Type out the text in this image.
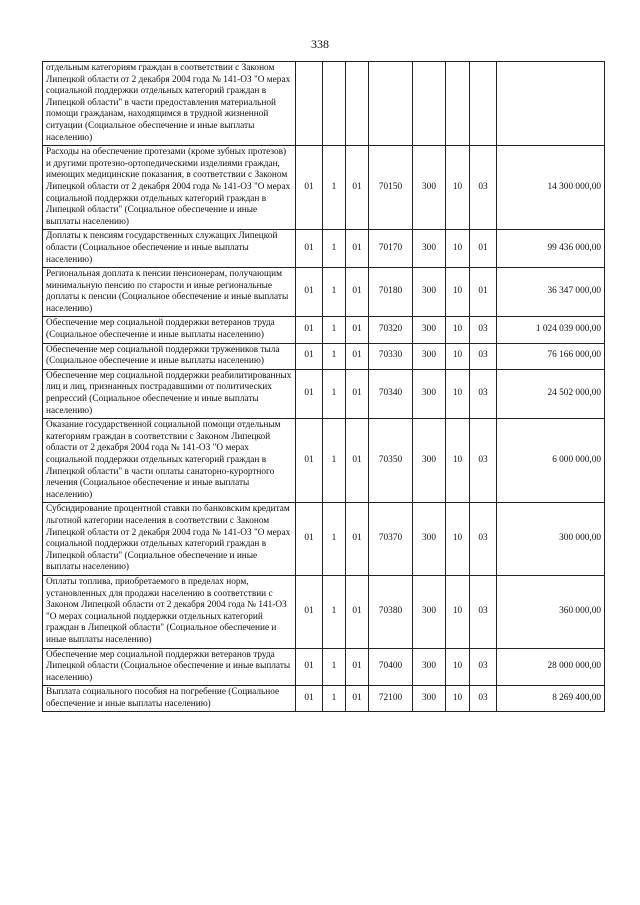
338
отдельным категориям граждан в соответствии с Законом Липецкой области от 2 декабря 2004 года № 141-ОЗ "О мерах социальной поддержки отдельных категорий граждан в Липецкой области" в части предоставления материальной помощи гражданам, находящимся в трудной жизненной ситуации (Социальное обеспечение и иные выплаты населению)								
Расходы на обеспечение протезами (кроме зубных протезов) и другими протезно-ортопедическими изделиями граждан, имеющих медицинские показания, в соответствии с Законом Липецкой области от 2 декабря 2004 года № 141-ОЗ "О мерах социальной поддержки отдельных категорий граждан в Липецкой области" (Социальное обеспечение и иные выплаты населению)	01	1	01	70150	300	10	03	14 300 000,00
Доплаты к пенсиям государственных служащих Липецкой области (Социальное обеспечение и иные выплаты населению)	01	1	01	70170	300	10	01	99 436 000,00
Региональная доплата к пенсии пенсионерам, получающим минимальную пенсию по старости и иные региональные доплаты к пенсии (Социальное обеспечение и иные выплаты населению)	01	1	01	70180	300	10	01	36 347 000,00
Обеспечение мер социальной поддержки ветеранов труда (Социальное обеспечение и иные выплаты населению)	01	1	01	70320	300	10	03	1 024 039 000,00
Обеспечение мер социальной поддержки тружеников тыла (Социальное обеспечение и иные выплаты населению)	01	1	01	70330	300	10	03	76 166 000,00
Обеспечение мер социальной поддержки реабилитированных лиц и лиц, признанных пострадавшими от политических репрессий (Социальное обеспечение и иные выплаты населению)	01	1	01	70340	300	10	03	24 502 000,00
Оказание государственной социальной помощи отдельным категориям граждан в соответствии с Законом Липецкой области от 2 декабря 2004 года № 141-ОЗ "О мерах социальной поддержки отдельных категорий граждан в Липецкой области" в части оплаты санаторно-курортного лечения (Социальное обеспечение и иные выплаты населению)	01	1	01	70350	300	10	03	6 000 000,00
Субсидирование процентной ставки по банковским кредитам льготной категории населения в соответствии с Законом Липецкой области от 2 декабря 2004 года № 141-ОЗ "О мерах социальной поддержки отдельных категорий граждан в Липецкой области" (Социальное обеспечение и иные выплаты населению)	01	1	01	70370	300	10	03	300 000,00
Оплаты топлива, приобретаемого в пределах норм, установленных для продажи населению в соответствии с Законом Липецкой области от 2 декабря 2004 года № 141-ОЗ "О мерах социальной поддержки отдельных категорий граждан в Липецкой области" (Социальное обеспечение и иные выплаты населению)	01	1	01	70380	300	10	03	360 000,00
Обеспечение мер социальной поддержки ветеранов труда Липецкой области (Социальное обеспечение и иные выплаты населению)	01	1	01	70400	300	10	03	28 000 000,00
Выплата социального пособия на погребение (Социальное обеспечение и иные выплаты населению)	01	1	01	72100	300	10	03	8 269 400,00
